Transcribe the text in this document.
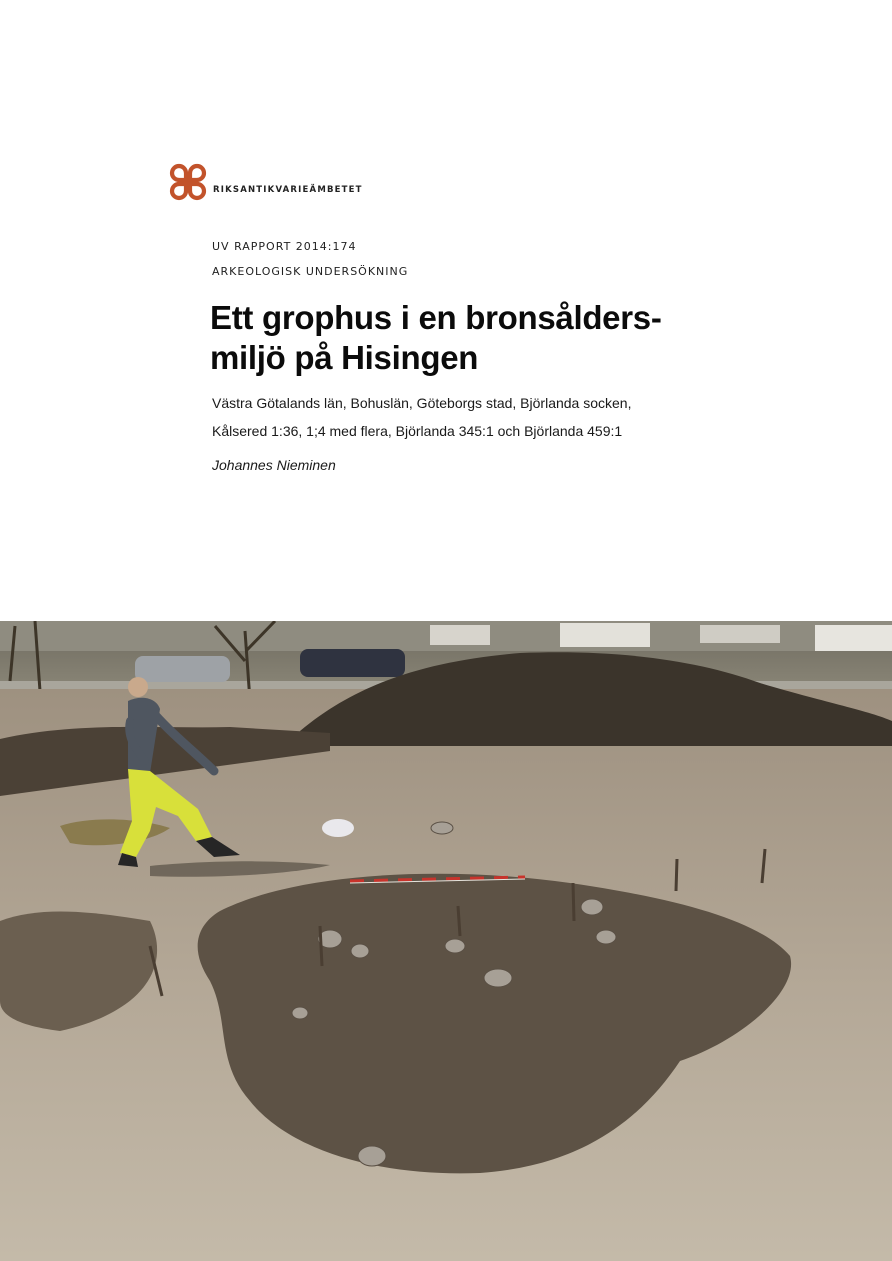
RIKSANTIKVARIEÄMBETET
UV RAPPORT 2014:174
ARKEOLOGISK UNDERSÖKNING
Ett grophus i en bronsålders-
miljö på Hisingen
Västra Götalands län, Bohuslän, Göteborgs stad, Björlanda socken,
Kålsered 1:36, 1;4 med flera, Björlanda 345:1 och Björlanda 459:1
Johannes Nieminen
